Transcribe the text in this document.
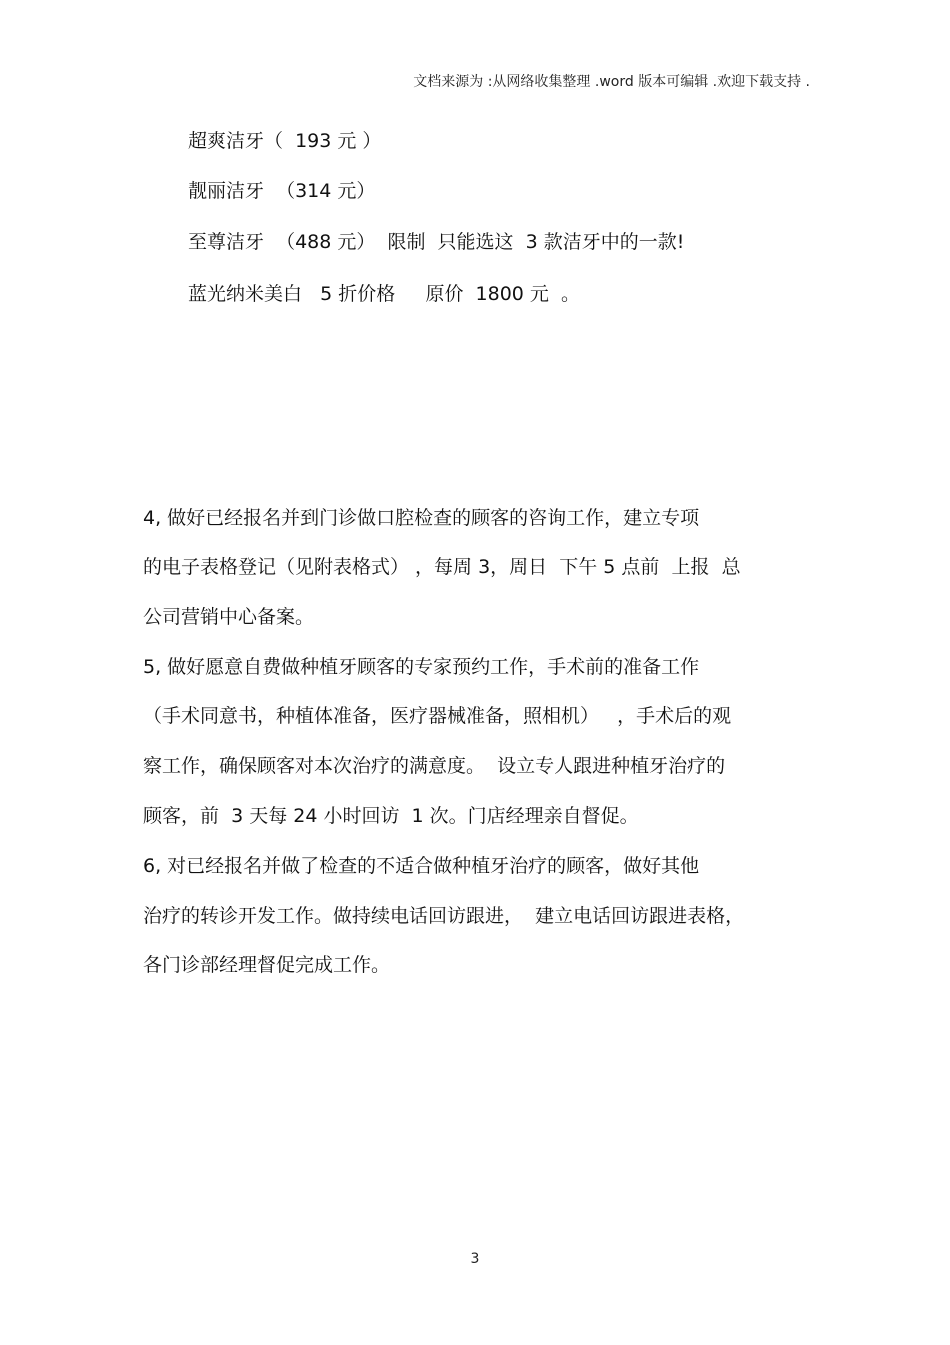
文档来源为 :从网络收集整理 .word 版本可编辑 .欢迎下载支持 .
超爽洁牙（  193 元 ）
靓丽洁牙  （314 元）
至尊洁牙  （488 元）  限制  只能选这  3 款洁牙中的一款!
蓝光纳米美白   5 折价格     原价  1800 元  。
4, 做好已经报名并到门诊做口腔检查的顾客的咨询工作，建立专项
的电子表格登记（见附表格式） ，每周 3，周日  下午 5 点前  上报  总
公司营销中心备案。
5, 做好愿意自费做种植牙顾客的专家预约工作，手术前的准备工作
（手术同意书，种植体准备，医疗器械准备，照相机）   ，手术后的观
察工作，确保顾客对本次治疗的满意度。  设立专人跟进种植牙治疗的
顾客，前  3 天每 24 小时回访  1 次。门店经理亲自督促。
6, 对已经报名并做了检查的不适合做种植牙治疗的顾客，做好其他
治疗的转诊开发工作。做持续电话回访跟进，  建立电话回访跟进表格，
各门诊部经理督促完成工作。
3
